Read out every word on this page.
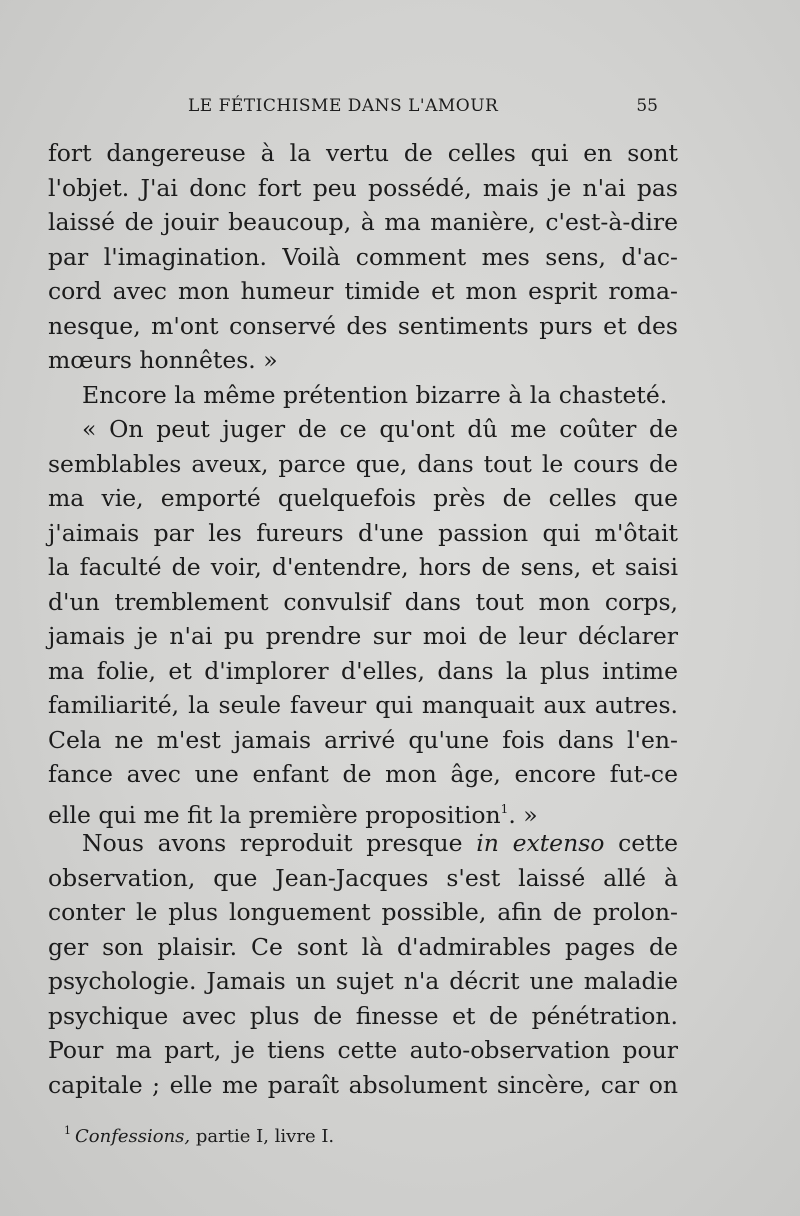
LE FÉTICHISME DANS L'AMOUR	55
fort dangereuse à la vertu de celles qui en sont
l'objet. J'ai donc fort peu possédé, mais je n'ai pas
laissé de jouir beaucoup, à ma manière, c'est-à-dire
par l'imagination. Voilà comment mes sens, d'ac-
cord avec mon humeur timide et mon esprit roma-
nesque, m'ont conservé des sentiments purs et des
mœurs honnêtes. »
Encore la même prétention bizarre à la chasteté.
« On peut juger de ce qu'ont dû me coûter de
semblables aveux, parce que, dans tout le cours de
ma vie, emporté quelquefois près de celles que
j'aimais par les fureurs d'une passion qui m'ôtait
la faculté de voir, d'entendre, hors de sens, et saisi
d'un tremblement convulsif dans tout mon corps,
jamais je n'ai pu prendre sur moi de leur déclarer
ma folie, et d'implorer d'elles, dans la plus intime
familiarité, la seule faveur qui manquait aux autres.
Cela ne m'est jamais arrivé qu'une fois dans l'en-
fance avec une enfant de mon âge, encore fut-ce
elle qui me fit la première proposition$^1$. »
Nous avons reproduit presque in extenso cette
observation, que Jean-Jacques s'est laissé allé à
conter le plus longuement possible, afin de prolon-
ger son plaisir. Ce sont là d'admirables pages de
psychologie. Jamais un sujet n'a décrit une maladie
psychique avec plus de finesse et de pénétration.
Pour ma part, je tiens cette auto-observation pour
capitale ; elle me paraît absolument sincère, car on
$^1$ Confessions, partie I, livre I.
